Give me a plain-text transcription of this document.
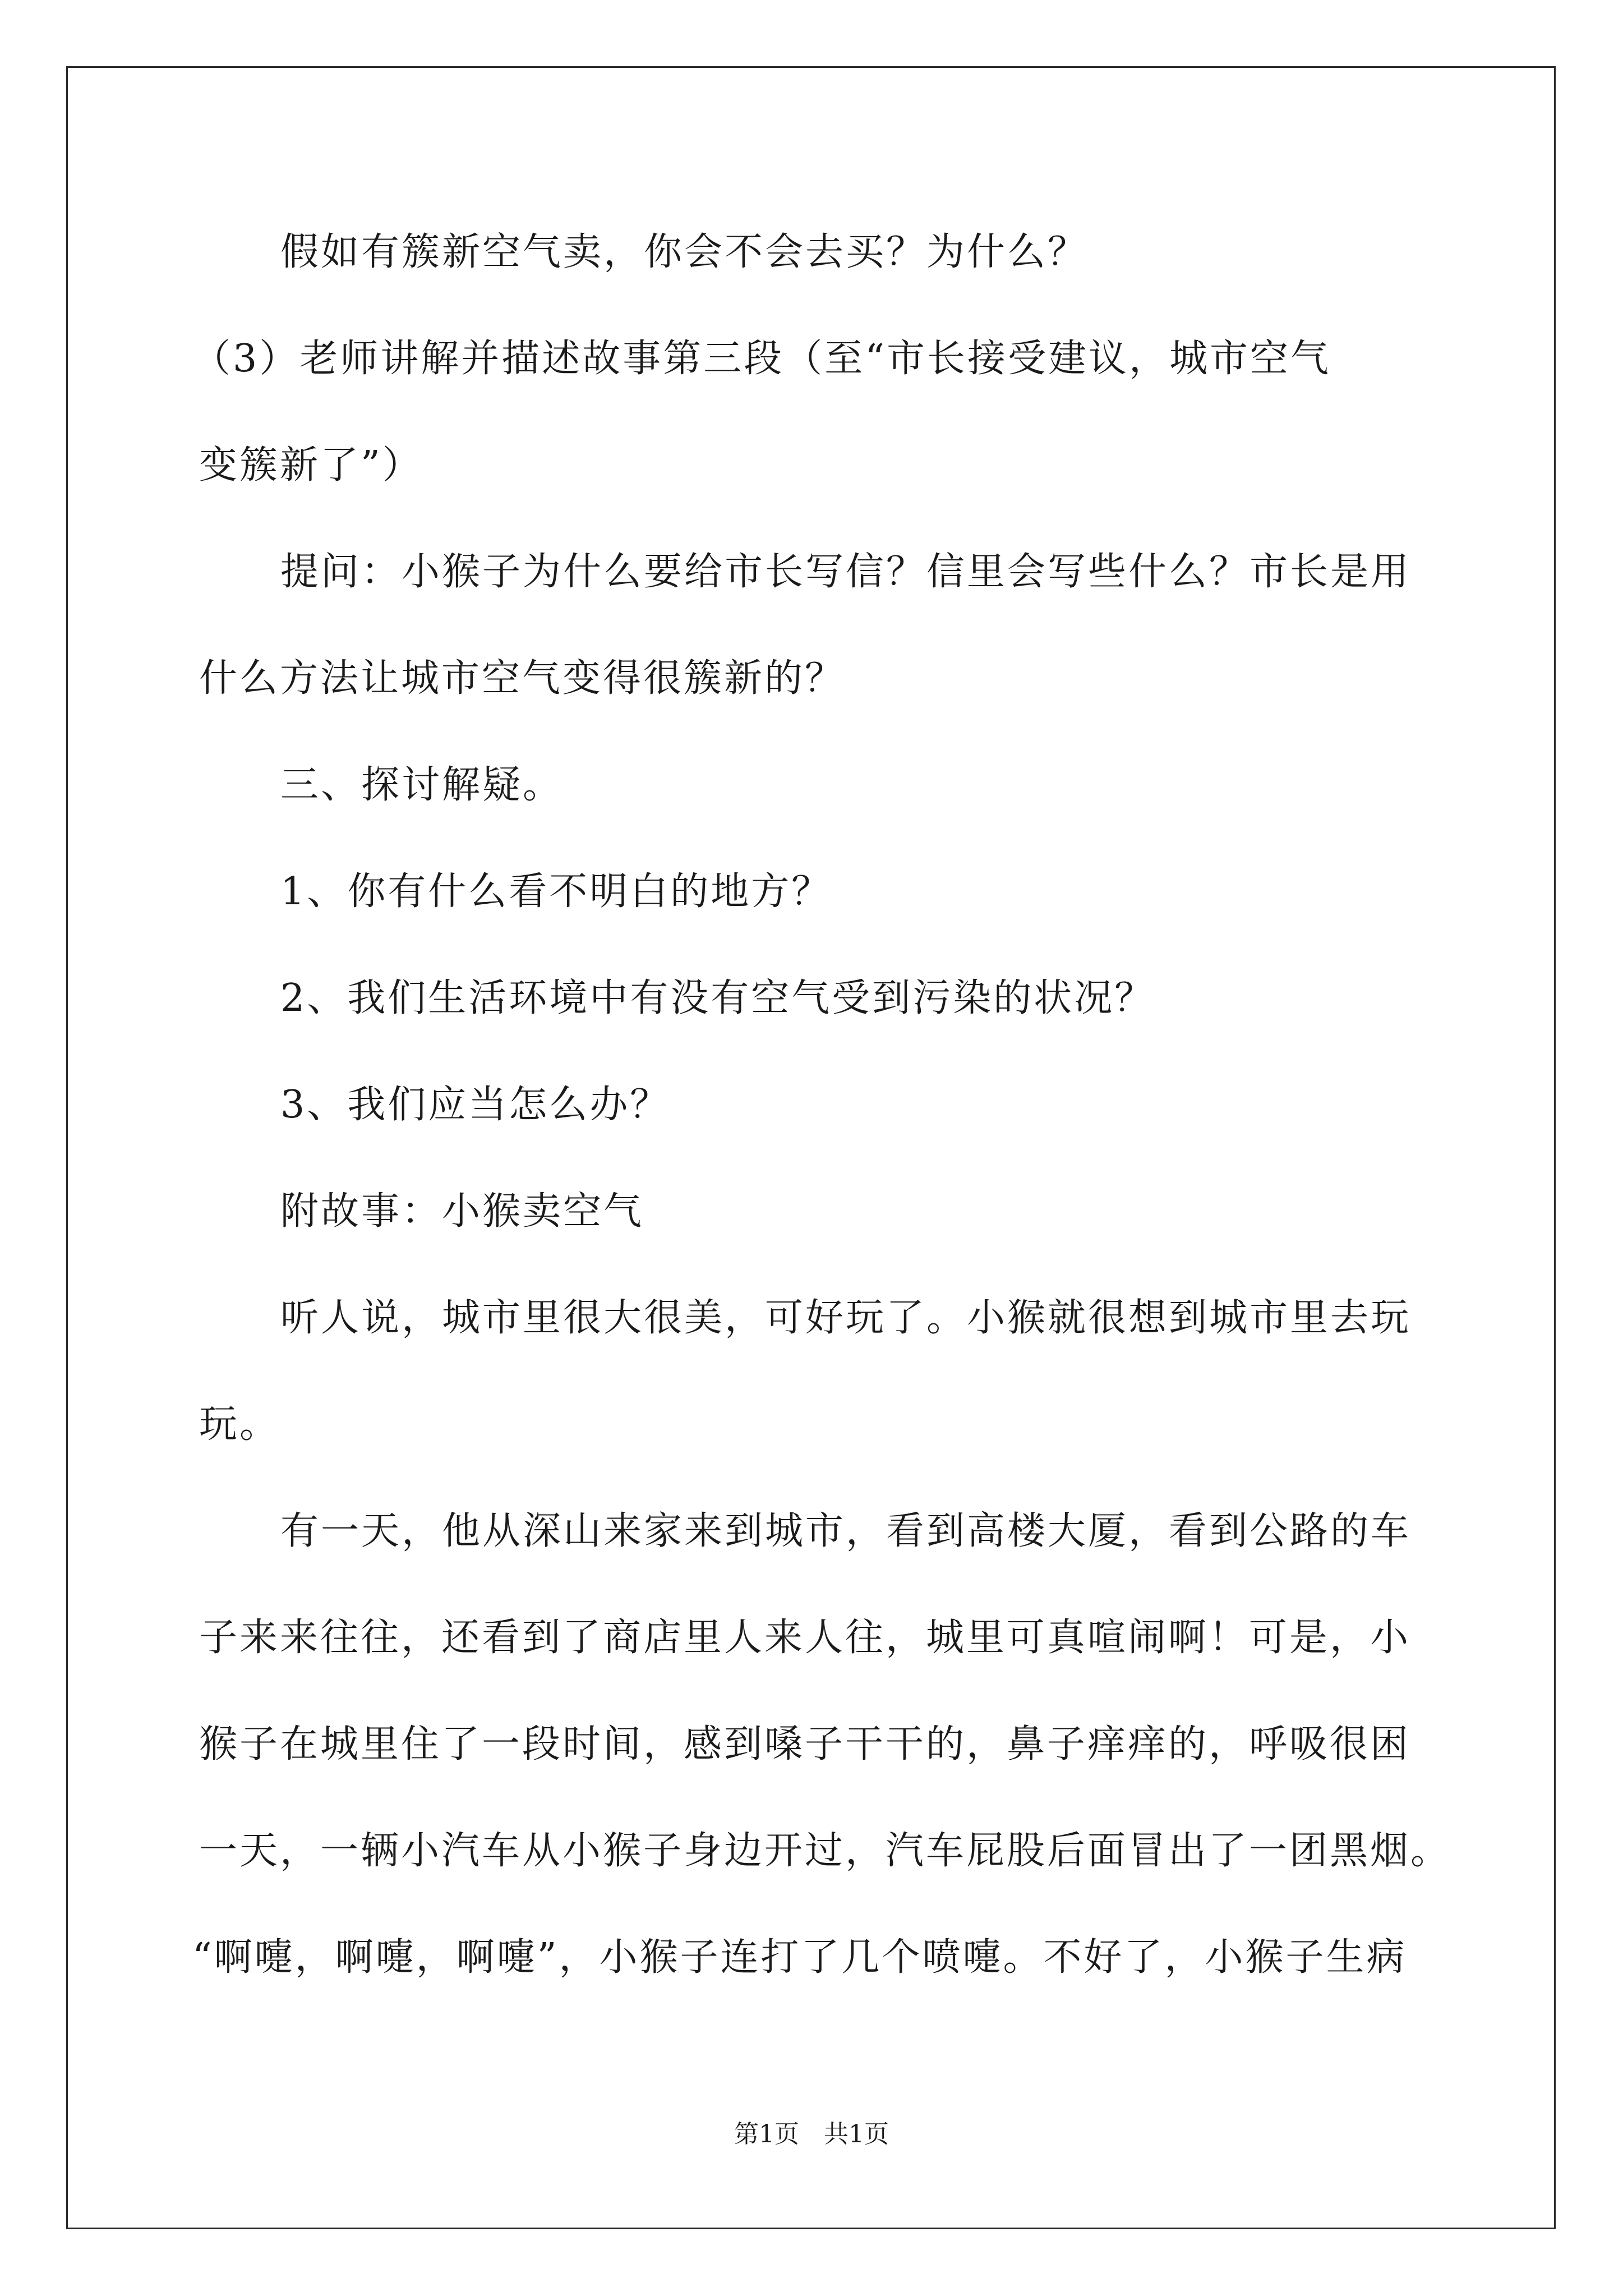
假如有簇新空气卖，你会不会去买？为什么？
（3）老师讲解并描述故事第三段（至“市长接受建议，城市空气
变簇新了”）
提问：小猴子为什么要给市长写信？信里会写些什么？市长是用
什么方法让城市空气变得很簇新的？
三、探讨解疑。
1、你有什么看不明白的地方？
2、我们生活环境中有没有空气受到污染的状况？
3、我们应当怎么办？
附故事：小猴卖空气
听人说，城市里很大很美，可好玩了。小猴就很想到城市里去玩
玩。
有一天，他从深山来家来到城市，看到高楼大厦，看到公路的车
子来来往往，还看到了商店里人来人往，城里可真喧闹啊！可是，小
猴子在城里住了一段时间，感到嗓子干干的，鼻子痒痒的，呼吸很困
一天，一辆小汽车从小猴子身边开过，汽车屁股后面冒出了一团黑烟。
“啊嚏，啊嚏，啊嚏”，小猴子连打了几个喷嚏。不好了，小猴子生病
第1页　共1页
